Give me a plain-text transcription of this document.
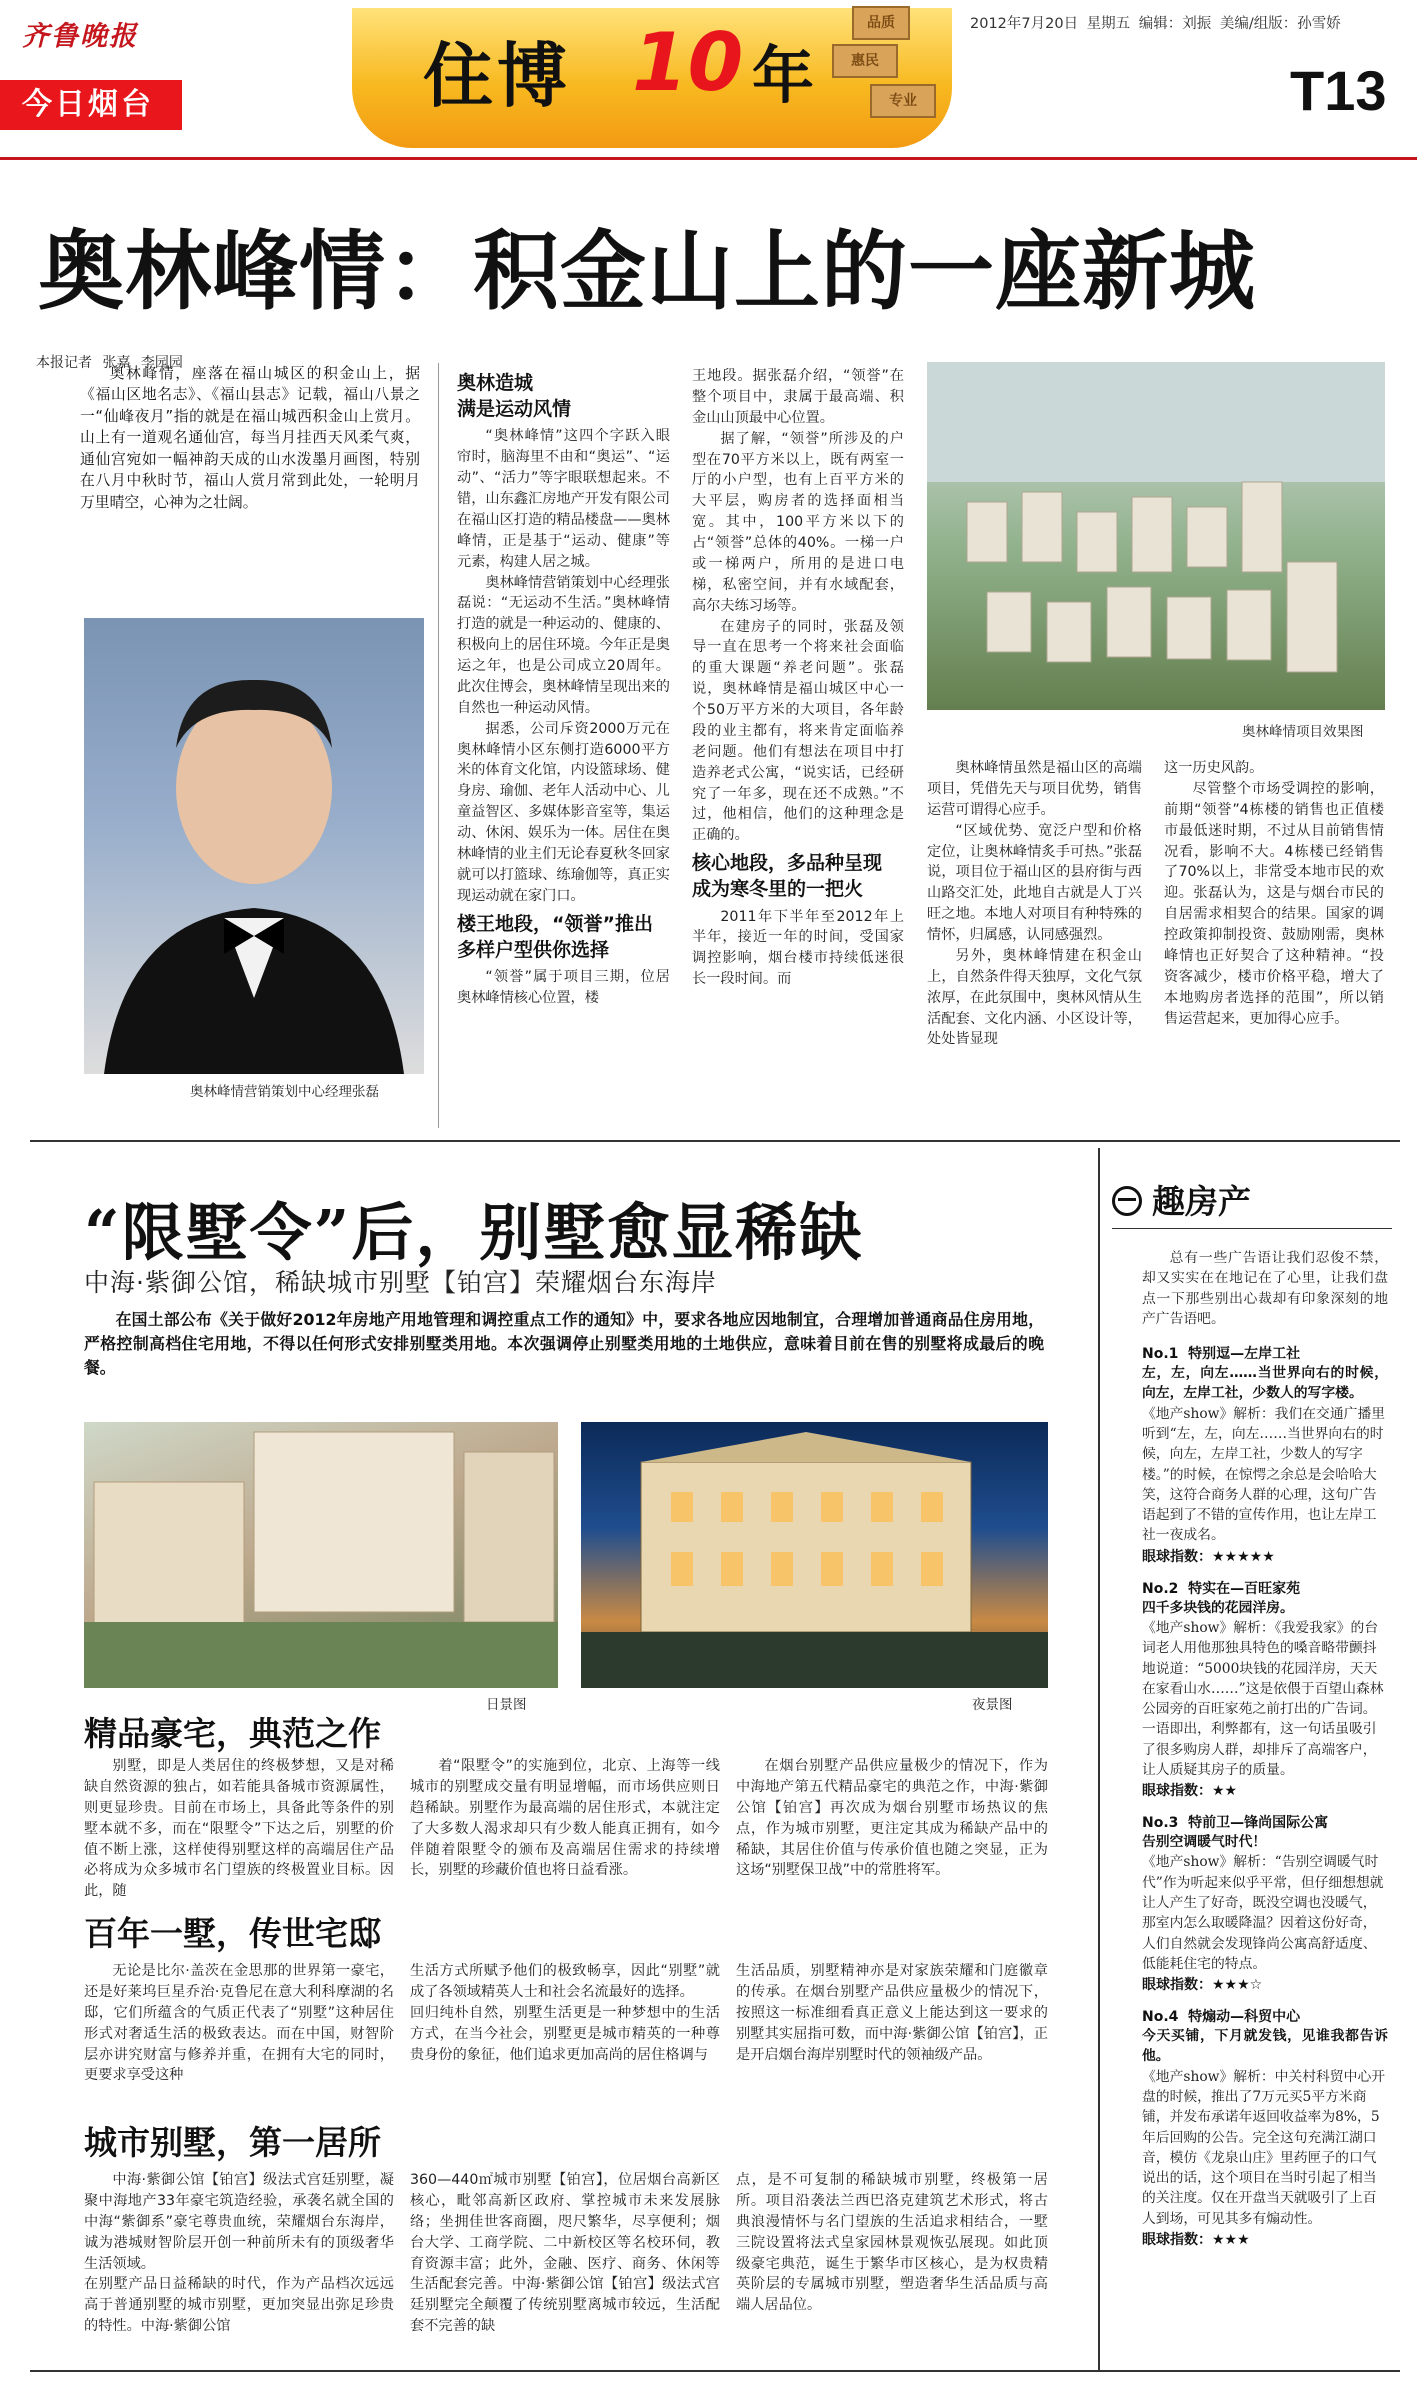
齐鲁晚报
今日烟台	住博 10 年
品质
惠民
专业
2012年7月20日 星期五 编辑：刘振 美编/组版：孙雪娇
T13
奥林峰情：积金山上的一座新城
本报记者 张嘉 李园园

奥林峰情，座落在福山城区的积金山上，据《福山区地名志》、《福山县志》记载，福山八景之一“仙峰夜月”指的就是在福山城西积金山上赏月。山上有一道观名通仙宫，每当月挂西天风柔气爽，通仙宫宛如一幅神韵天成的山水泼墨月画图，特别在八月中秋时节，福山人赏月常到此处，一轮明月万里晴空，心神为之壮阔。

奥林峰情营销策划中心经理张磊
奥林造城
满是运动风情

“奥林峰情”这四个字跃入眼帘时，脑海里不由和“奥运”、“运动”、“活力”等字眼联想起来。不错，山东鑫汇房地产开发有限公司在福山区打造的精品楼盘——奥林峰情，正是基于“运动、健康”等元素，构建人居之城。

奥林峰情营销策划中心经理张磊说：“无运动不生活。”奥林峰情打造的就是一种运动的、健康的、积极向上的居住环境。今年正是奥运之年，也是公司成立20周年。此次住博会，奥林峰情呈现出来的自然也一种运动风情。

据悉，公司斥资2000万元在奥林峰情小区东侧打造6000平方米的体育文化馆，内设篮球场、健身房、瑜伽、老年人活动中心、儿童益智区、多媒体影音室等，集运动、休闲、娱乐为一体。居住在奥林峰情的业主们无论春夏秋冬回家就可以打篮球、练瑜伽等，真正实现运动就在家门口。

楼王地段，“领誉”推出
多样户型供你选择

“领誉”属于项目三期，位居奥林峰情核心位置，楼

王地段。据张磊介绍，“领誉”在整个项目中，隶属于最高端、积金山山顶最中心位置。

据了解，“领誉”所涉及的户型在70平方米以上，既有两室一厅的小户型，也有上百平方米的大平层，购房者的选择面相当宽。其中，100平方米以下的占“领誉”总体的40%。一梯一户或一梯两户，所用的是进口电梯，私密空间，并有水域配套，高尔夫练习场等。

在建房子的同时，张磊及领导一直在思考一个将来社会面临的重大课题“养老问题”。张磊说，奥林峰情是福山城区中心一个50万平方米的大项目，各年龄段的业主都有，将来肯定面临养老问题。他们有想法在项目中打造养老式公寓，“说实话，已经研究了一年多，现在还不成熟。”不过，他相信，他们的这种理念是正确的。

核心地段，多品种呈现
成为寒冬里的一把火

2011年下半年至2012年上半年，接近一年的时间，受国家调控影响，烟台楼市持续低迷很长一段时间。而

奥林峰情项目效果图

奥林峰情虽然是福山区的高端项目，凭借先天与项目优势，销售运营可谓得心应手。

“区域优势、宽泛户型和价格定位，让奥林峰情炙手可热。”张磊说，项目位于福山区的县府街与西山路交汇处，此地自古就是人丁兴旺之地。本地人对项目有种特殊的情怀，归属感，认同感强烈。

另外，奥林峰情建在积金山上，自然条件得天独厚，文化气氛浓厚，在此氛围中，奥林风情从生活配套、文化内涵、小区设计等，处处皆显现

这一历史风韵。

尽管整个市场受调控的影响，前期“领誉”4栋楼的销售也正值楼市最低迷时期，不过从目前销售情况看，影响不大。4栋楼已经销售了70%以上，非常受本地市民的欢迎。张磊认为，这是与烟台市民的自居需求相契合的结果。国家的调控政策抑制投资、鼓励刚需，奥林峰情也正好契合了这种精神。“投资客减少，楼市价格平稳，增大了本地购房者选择的范围”，所以销售运营起来，更加得心应手。

“限墅令”后，别墅愈显稀缺
中海·紫御公馆，稀缺城市别墅【铂宫】荣耀烟台东海岸

在国土部公布《关于做好2012年房地产用地管理和调控重点工作的通知》中，要求各地应因地制宜，合理增加普通商品住房用地，严格控制高档住宅用地，不得以任何形式安排别墅类用地。本次强调停止别墅类用地的土地供应，意味着目前在售的别墅将成最后的晚餐。

日景图	夜景图
精品豪宅，典范之作

别墅，即是人类居住的终极梦想，又是对稀缺自然资源的独占，如若能具备城市资源属性，则更显珍贵。目前在市场上，具备此等条件的别墅本就不多，而在“限墅令”下达之后，别墅的价值不断上涨，这样使得别墅这样的高端居住产品必将成为众多城市名门望族的终极置业目标。因此，随

着“限墅令”的实施到位，北京、上海等一线城市的别墅成交量有明显增幅，而市场供应则日趋稀缺。别墅作为最高端的居住形式，本就注定了大多数人渴求却只有少数人能真正拥有，如今伴随着限墅令的颁布及高端居住需求的持续增长，别墅的珍藏价值也将日益看涨。

在烟台别墅产品供应量极少的情况下，作为中海地产第五代精品豪宅的典范之作，中海·紫御公馆【铂宫】再次成为烟台别墅市场热议的焦点，作为城市别墅，更注定其成为稀缺产品中的稀缺，其居住价值与传承价值也随之突显，正为这场“别墅保卫战”中的常胜将军。

百年一墅，传世宅邸

无论是比尔·盖茨在金思那的世界第一豪宅，还是好莱坞巨星乔治·克鲁尼在意大利科摩湖的名邸，它们所蕴含的气质正代表了“别墅”这种居住形式对奢适生活的极致表达。而在中国，财智阶层亦讲究财富与修养并重，在拥有大宅的同时，更要求享受这种

生活方式所赋予他们的极致畅享，因此“别墅”就成了各领域精英人士和社会名流最好的选择。
回归纯朴自然，别墅生活更是一种梦想中的生活方式，在当今社会，别墅更是城市精英的一种尊贵身份的象征，他们追求更加高尚的居住格调与

生活品质，别墅精神亦是对家族荣耀和门庭徽章的传承。在烟台别墅产品供应量极少的情况下，按照这一标准细看真正意义上能达到这一要求的别墅其实屈指可数，而中海·紫御公馆【铂宫】，正是开启烟台海岸别墅时代的领袖级产品。

城市别墅，第一居所

中海·紫御公馆【铂宫】级法式宫廷别墅，凝聚中海地产33年豪宅筑造经验，承袭名就全国的中海“紫御系”豪宅尊贵血统，荣耀烟台东海岸，诚为港城财智阶层开创一种前所未有的顶级奢华生活领域。
在别墅产品日益稀缺的时代，作为产品档次远远高于普通别墅的城市别墅，更加突显出弥足珍贵的特性。中海·紫御公馆

360—440㎡城市别墅【铂宫】，位居烟台高新区核心，毗邻高新区政府、掌控城市未来发展脉络；坐拥佳世客商圈，咫尺繁华，尽享便利；烟台大学、工商学院、二中新校区等名校环伺，教育资源丰富；此外，金融、医疗、商务、休闲等生活配套完善。中海·紫御公馆【铂宫】级法式宫廷别墅完全颠覆了传统别墅离城市较远，生活配套不完善的缺

点，是不可复制的稀缺城市别墅，终极第一居所。项目沿袭法兰西巴洛克建筑艺术形式，将古典浪漫情怀与名门望族的生活追求相结合，一墅三院设置将法式皇家园林景观恢弘展现。如此顶级豪宅典范，诞生于繁华市区核心，是为权贵精英阶层的专属城市别墅，塑造奢华生活品质与高端人居品位。

趣房产
总有一些广告语让我们忍俊不禁，却又实实在在地记在了心里，让我们盘点一下那些别出心裁却有印象深刻的地产广告语吧。
No.1 特别逗—左岸工社
左，左，向左……当世界向右的时候，向左，左岸工社，少数人的写字楼。
《地产show》解析：我们在交通广播里听到“左，左，向左……当世界向右的时候，向左，左岸工社，少数人的写字楼。”的时候，在惊愕之余总是会哈哈大笑，这符合商务人群的心理，这句广告语起到了不错的宣传作用，也让左岸工社一夜成名。
眼球指数：★★★★★
No.2 特实在—百旺家苑
四千多块钱的花园洋房。
《地产show》解析：《我爱我家》的台词老人用他那独具特色的嗓音略带颤抖地说道：“5000块钱的花园洋房，天天在家看山水……”这是依偎于百望山森林公园旁的百旺家苑之前打出的广告词。一语即出，利弊都有，这一句话虽吸引了很多购房人群，却排斥了高端客户，让人质疑其房子的质量。
眼球指数：★★
No.3 特前卫—锋尚国际公寓
告别空调暖气时代！
《地产show》解析：“告别空调暖气时代”作为听起来似乎平常，但仔细想想就让人产生了好奇，既没空调也没暖气，那室内怎么取暖降温？因着这份好奇，人们自然就会发现锋尚公寓高舒适度、低能耗住宅的特点。
眼球指数：★★★☆
No.4 特煽动—科贸中心
今天买铺，下月就发钱，见谁我都告诉他。
《地产show》解析：中关村科贸中心开盘的时候，推出了7万元买5平方米商铺，并发布承诺年返回收益率为8%，5年后回购的公告。完全这句充满江湖口音，模仿《龙泉山庄》里药匣子的口气说出的话，这个项目在当时引起了相当的关注度。仅在开盘当天就吸引了上百人到场，可见其多有煽动性。
眼球指数：★★★
